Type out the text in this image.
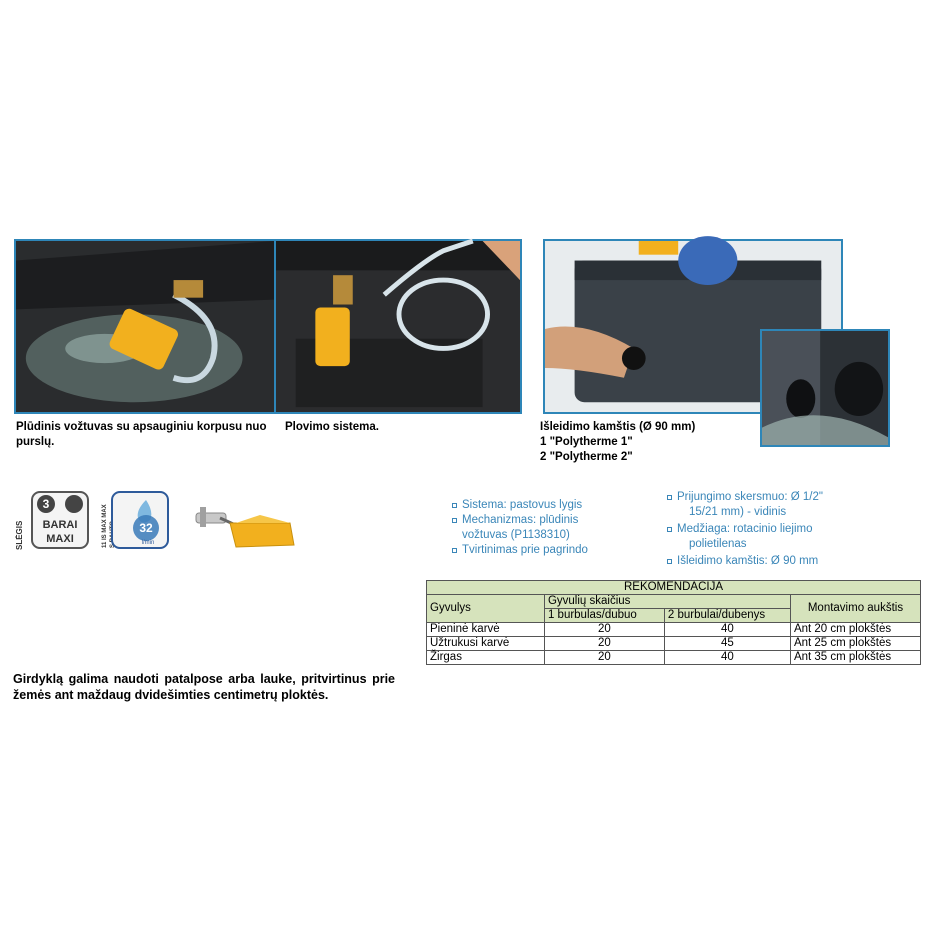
Plūdinis vožtuvas su apsauginiu korpusu nuo purslų.
Plovimo sistema.	Išleidimo kamštis (Ø 90 mm)
1 "Polytherme 1"
2 "Polytherme 2"
SLĖGIS
3
BARAI
MAXI	11 IS MAX MAX S
32
l/min
Sistema: pastovus lygis
Mechanizmas: plūdinis
vožtuvas (P1138310)
Tvirtinimas prie pagrindo
Prijungimo skersmuo: Ø 1/2"
15/21 mm) - vidinis
Medžiaga: rotacinio liejimo
polietilenas
Išleidimo kamštis: Ø 90 mm
REKOMENDACIJA			
Gyvulys	Gyvulių skaičius		Montavimo aukštis
	1 burbulas/dubuo	2 burbulai/dubenys	
Pieninė karvė	20	40	Ant 20 cm plokštės
Užtrukusi karvė	20	45	Ant 25 cm plokštės
Žirgas	20	40	Ant 35 cm plokštės
Girdyklą galima naudoti patalpose arba lauke, pritvirtinus prie žemės ant maždaug dvidešimties centimetrų ploktės.
